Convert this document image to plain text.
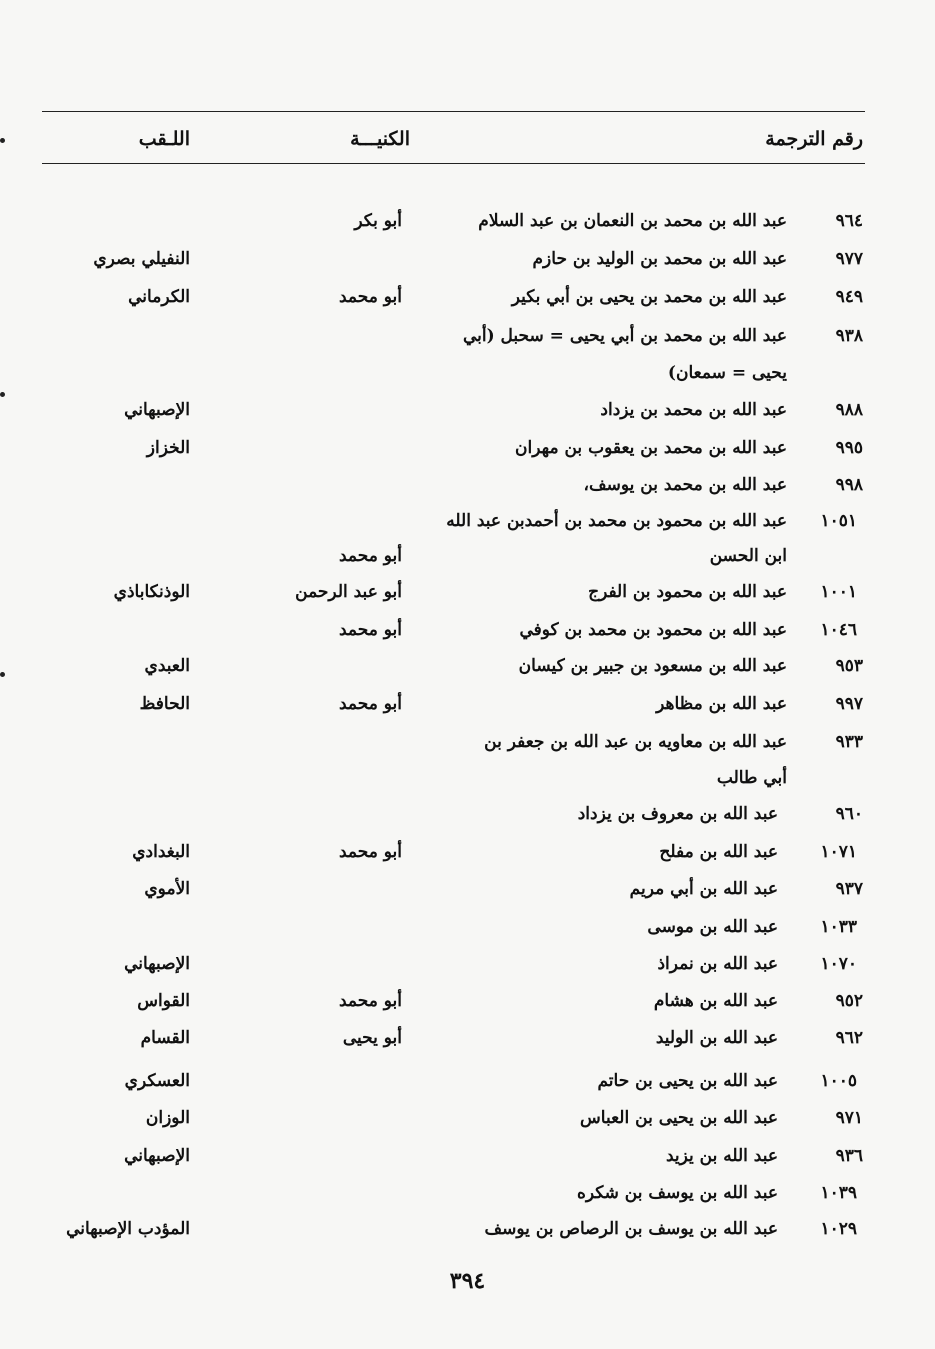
رقم الترجمة
الكنيـــة
اللـقب
٩٦٤
عبد الله بن محمد بن النعمان بن عبد السلام
أبو بكر
٩٧٧
عبد الله بن محمد بن الوليد بن حازم
النفيلي بصري
٩٤٩
عبد الله بن محمد بن يحيى بن أبي بكير
أبو محمد
الكرماني
٩٣٨
عبد الله بن محمد بن أبي يحيى = سحبل (أبي
يحيى = سمعان)
٩٨٨
عبد الله بن محمد بن يزداد
الإصبهاني
٩٩٥
عبد الله بن محمد بن يعقوب بن مهران
الخزاز
٩٩٨
عبد الله بن محمد بن يوسف،
١٠٥١
عبد الله بن محمود بن محمد بن أحمدبن عبد الله
ابن الحسن
أبو محمد
١٠٠١
عبد الله بن محمود بن الفرج
أبو عبد الرحمن
الوذنكاباذي
١٠٤٦
عبد الله بن محمود بن محمد بن كوفي
أبو محمد
٩٥٣
عبد الله بن مسعود بن جبير بن كيسان
العبدي
٩٩٧
عبد الله بن مظاهر
أبو محمد
الحافظ
٩٣٣
عبد الله بن معاويه بن عبد الله بن جعفر بن
أبي طالب
٩٦٠
عبد الله بن معروف بن يزداد
١٠٧١
عبد الله بن مفلح
أبو محمد
البغدادي
٩٣٧
عبد الله بن أبي مريم
الأموي
١٠٣٣
عبد الله بن موسى
١٠٧٠
عبد الله بن نمراذ
الإصبهاني
٩٥٢
عبد الله بن هشام
أبو محمد
القواس
٩٦٢
عبد الله بن الوليد
أبو يحيى
القسام
١٠٠٥
عبد الله بن يحيى بن حاتم
العسكري
٩٧١
عبد الله بن يحيى بن العباس
الوزان
٩٣٦
عبد الله بن يزيد
الإصبهاني
١٠٣٩
عبد الله بن يوسف بن شكره
١٠٢٩
عبد الله بن يوسف بن الرصاص بن يوسف
المؤدب الإصبهاني
٣٩٤
